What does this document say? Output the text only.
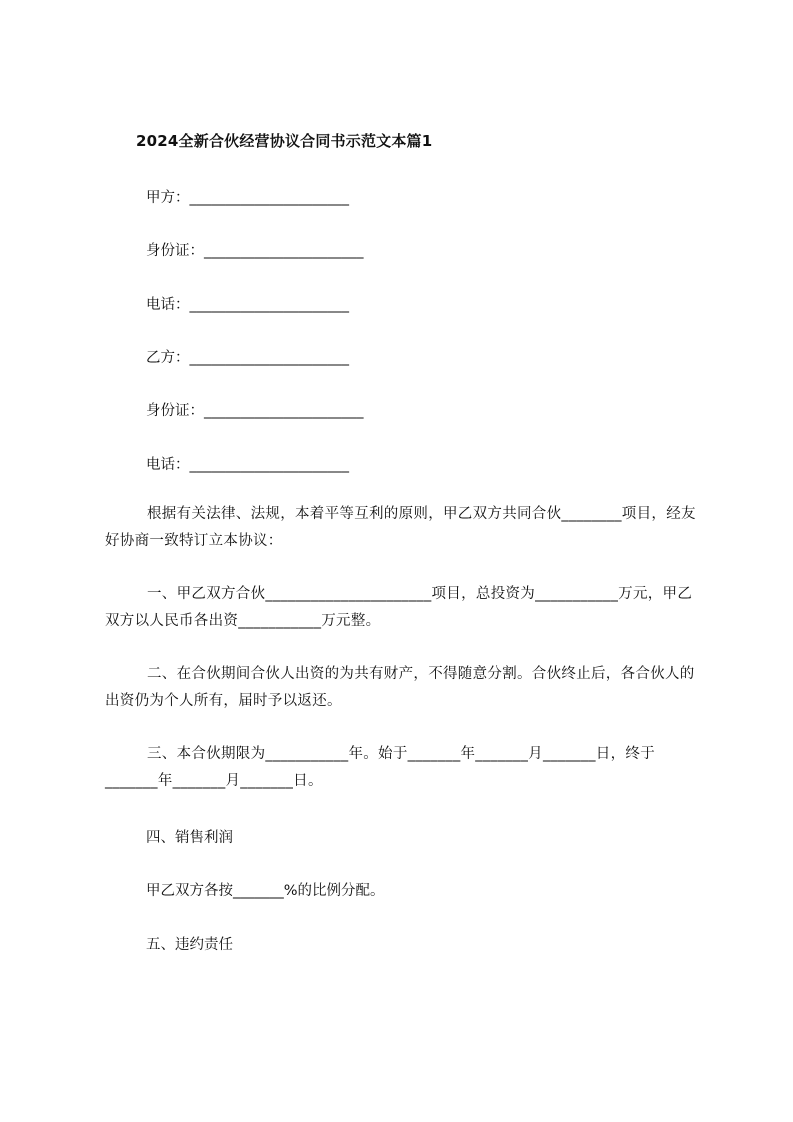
2024全新合伙经营协议合同书示范文本篇1
甲方：______________________
身份证：______________________
电话：______________________
乙方：______________________
身份证：______________________
电话：______________________
根据有关法律、法规，本着平等互利的原则，甲乙双方共同合伙________项目，经友好协商一致特订立本协议：
一、甲乙双方合伙______________________项目，总投资为___________万元，甲乙双方以人民币各出资___________万元整。
二、在合伙期间合伙人出资的为共有财产，不得随意分割。合伙终止后，各合伙人的出资仍为个人所有，届时予以返还。
三、本合伙期限为___________年。始于_______年_______月_______日，终于_______年_______月_______日。
四、销售利润
甲乙双方各按_______%的比例分配。
五、违约责任
